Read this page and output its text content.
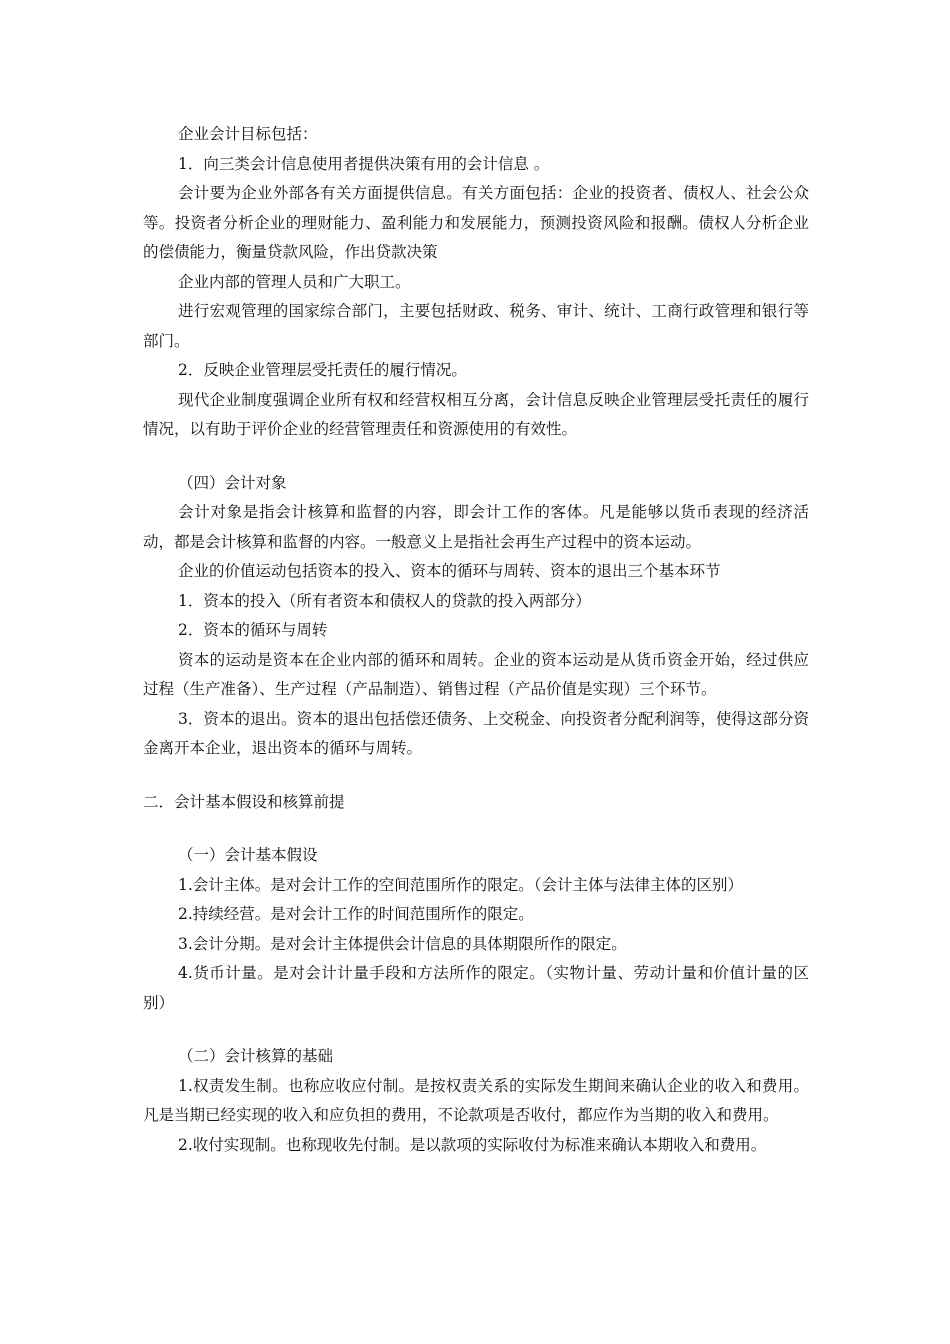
企业会计目标包括：

1．向三类会计信息使用者提供决策有用的会计信息 。

会计要为企业外部各有关方面提供信息。有关方面包括：企业的投资者、债权人、社会公众等。投资者分析企业的理财能力、盈利能力和发展能力，预测投资风险和报酬。债权人分析企业的偿债能力，衡量贷款风险，作出贷款决策

企业内部的管理人员和广大职工。

进行宏观管理的国家综合部门，主要包括财政、税务、审计、统计、工商行政管理和银行等部门。

2．反映企业管理层受托责任的履行情况。

现代企业制度强调企业所有权和经营权相互分离，会计信息反映企业管理层受托责任的履行情况，以有助于评价企业的经营管理责任和资源使用的有效性。

（四）会计对象

会计对象是指会计核算和监督的内容，即会计工作的客体。凡是能够以货币表现的经济活动，都是会计核算和监督的内容。一般意义上是指社会再生产过程中的资本运动。

企业的价值运动包括资本的投入、资本的循环与周转、资本的退出三个基本环节

1．资本的投入（所有者资本和债权人的贷款的投入两部分）

2．资本的循环与周转

资本的运动是资本在企业内部的循环和周转。企业的资本运动是从货币资金开始，经过供应过程（生产准备）、生产过程（产品制造）、销售过程（产品价值是实现）三个环节。

3．资本的退出。资本的退出包括偿还债务、上交税金、向投资者分配利润等，使得这部分资金离开本企业，退出资本的循环与周转。

二．会计基本假设和核算前提

（一）会计基本假设

1.会计主体。是对会计工作的空间范围所作的限定。（会计主体与法律主体的区别）

2.持续经营。是对会计工作的时间范围所作的限定。

3.会计分期。是对会计主体提供会计信息的具体期限所作的限定。

4.货币计量。是对会计计量手段和方法所作的限定。（实物计量、劳动计量和价值计量的区别）

（二）会计核算的基础

1.权责发生制。也称应收应付制。是按权责关系的实际发生期间来确认企业的收入和费用。凡是当期已经实现的收入和应负担的费用，不论款项是否收付，都应作为当期的收入和费用。

2.收付实现制。也称现收先付制。是以款项的实际收付为标准来确认本期收入和费用。
